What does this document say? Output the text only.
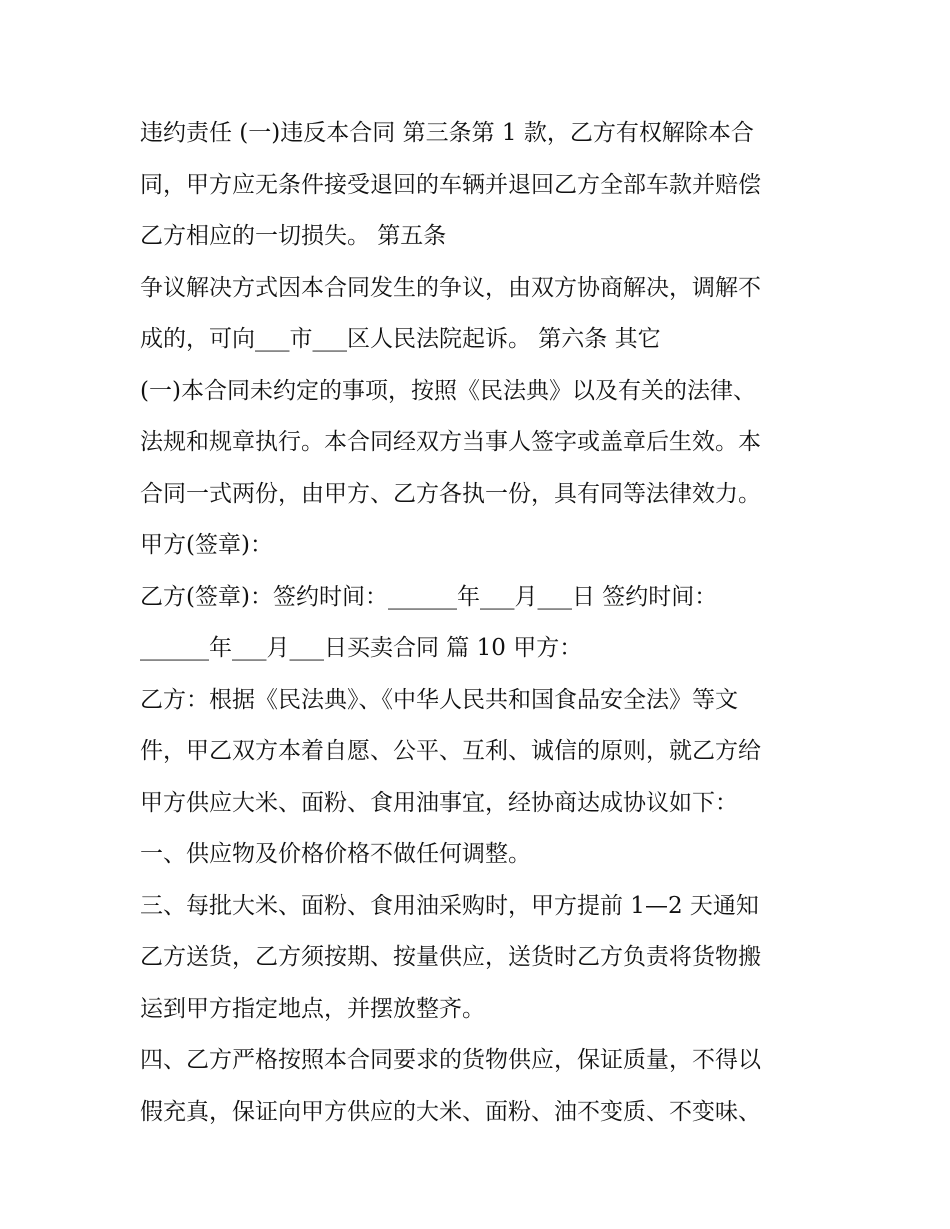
违约责任 (一)违反本合同 第三条第 1 款，乙方有权解除本合
同，甲方应无条件接受退回的车辆并退回乙方全部车款并赔偿
乙方相应的一切损失。 第五条
争议解决方式因本合同发生的争议，由双方协商解决，调解不
成的，可向___市___区人民法院起诉。 第六条 其它
(一)本合同未约定的事项，按照《民法典》以及有关的法律、
法规和规章执行。本合同经双方当事人签字或盖章后生效。本
合同一式两份，由甲方、乙方各执一份，具有同等法律效力。
甲方(签章)：
乙方(签章)：签约时间：______年___月___日 签约时间：
______年___月___日买卖合同 篇 10 甲方：
乙方：根据《民法典》、《中华人民共和国食品安全法》等文
件，甲乙双方本着自愿、公平、互利、诚信的原则，就乙方给
甲方供应大米、面粉、食用油事宜，经协商达成协议如下：
一、供应物及价格价格不做任何调整。
三、每批大米、面粉、食用油采购时，甲方提前 1—2 天通知
乙方送货，乙方须按期、按量供应，送货时乙方负责将货物搬
运到甲方指定地点，并摆放整齐。
四、乙方严格按照本合同要求的货物供应，保证质量，不得以
假充真，保证向甲方供应的大米、面粉、油不变质、不变味、
